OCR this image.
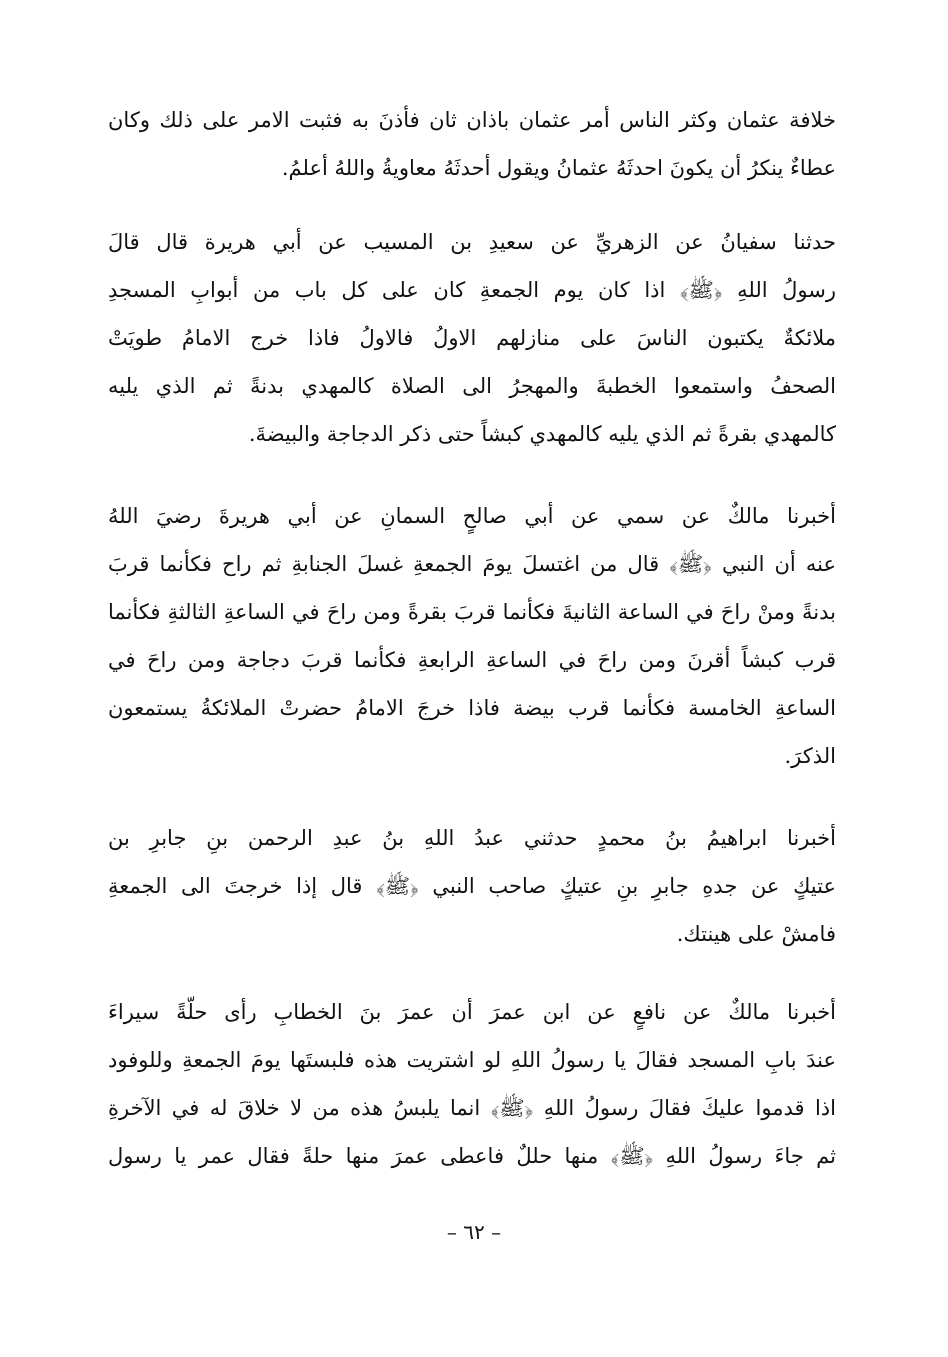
خلافة عثمان وكثر الناس أمر عثمان باذان ثان فأذنَ به فثبت الامر على ذلك وكان
عطاءٌ ينكرُ أن يكونَ احدثَهُ عثمانُ ويقول أحدثَهُ معاويةُ واللهُ أعلمُ.
حدثنا سفيانُ عن الزهريِّ عن سعيدِ بن المسيب عن أبي هريرة قال قالَ
رسولُ اللهِ ﴿ﷺ﴾ اذا كان يوم الجمعةِ كان على كل باب من أبوابِ المسجدِ
ملائكةٌ يكتبون الناسَ على منازلهم الاولُ فالاولُ فاذا خرج الامامُ طويَتْ
الصحفُ واستمعوا الخطبةَ والمهجرُ الى الصلاة كالمهدي بدنةً ثم الذي يليه
كالمهدي بقرةً ثم الذي يليه كالمهدي كبشاً حتى ذكر الدجاجة والبيضةَ.
أخبرنا مالكٌ عن سمي عن أبي صالحٍ السمانِ عن أبي هريرةَ رضيَ اللهُ
عنه أن النبي ﴿ﷺ﴾ قال من اغتسلَ يومَ الجمعةِ غسلَ الجنابةِ ثم راح فكأنما قربَ
بدنةً ومنْ راحَ في الساعة الثانيةَ فكأنما قربَ بقرةً ومن راحَ في الساعةِ الثالثةِ فكأنما
قرب كبشاً أقرنَ ومن راحَ في الساعةِ الرابعةِ فكأنما قربَ دجاجة ومن راحَ في
الساعةِ الخامسة فكأنما قرب بيضة فاذا خرجَ الامامُ حضرتْ الملائكةُ يستمعون
الذكرَ.
أخبرنا ابراهيمُ بنُ محمدٍ حدثني عبدُ اللهِ بنُ عبدِ الرحمن بنِ جابرِ بن
عتيكٍ عن جدهِ جابرِ بنِ عتيكٍ صاحب النبي ﴿ﷺ﴾ قال إذا خرجتَ الى الجمعةِ
فامشْ على هينتك.
أخبرنا مالكٌ عن نافعٍ عن ابن عمرَ أن عمرَ بنَ الخطابِ رأى حلّةً سيراءَ
عندَ بابِ المسجد فقالَ يا رسولُ اللهِ لو اشتريت هذه فلبستَها يومَ الجمعةِ وللوفود
اذا قدموا عليكَ فقالَ رسولُ اللهِ ﴿ﷺ﴾ انما يلبسُ هذه من لا خلاقَ له في الآخرةِ
ثم جاءَ رسولُ اللهِ ﴿ﷺ﴾ منها حللٌ فاعطى عمرَ منها حلةً فقال عمر يا رسول
– ٦٢ –
